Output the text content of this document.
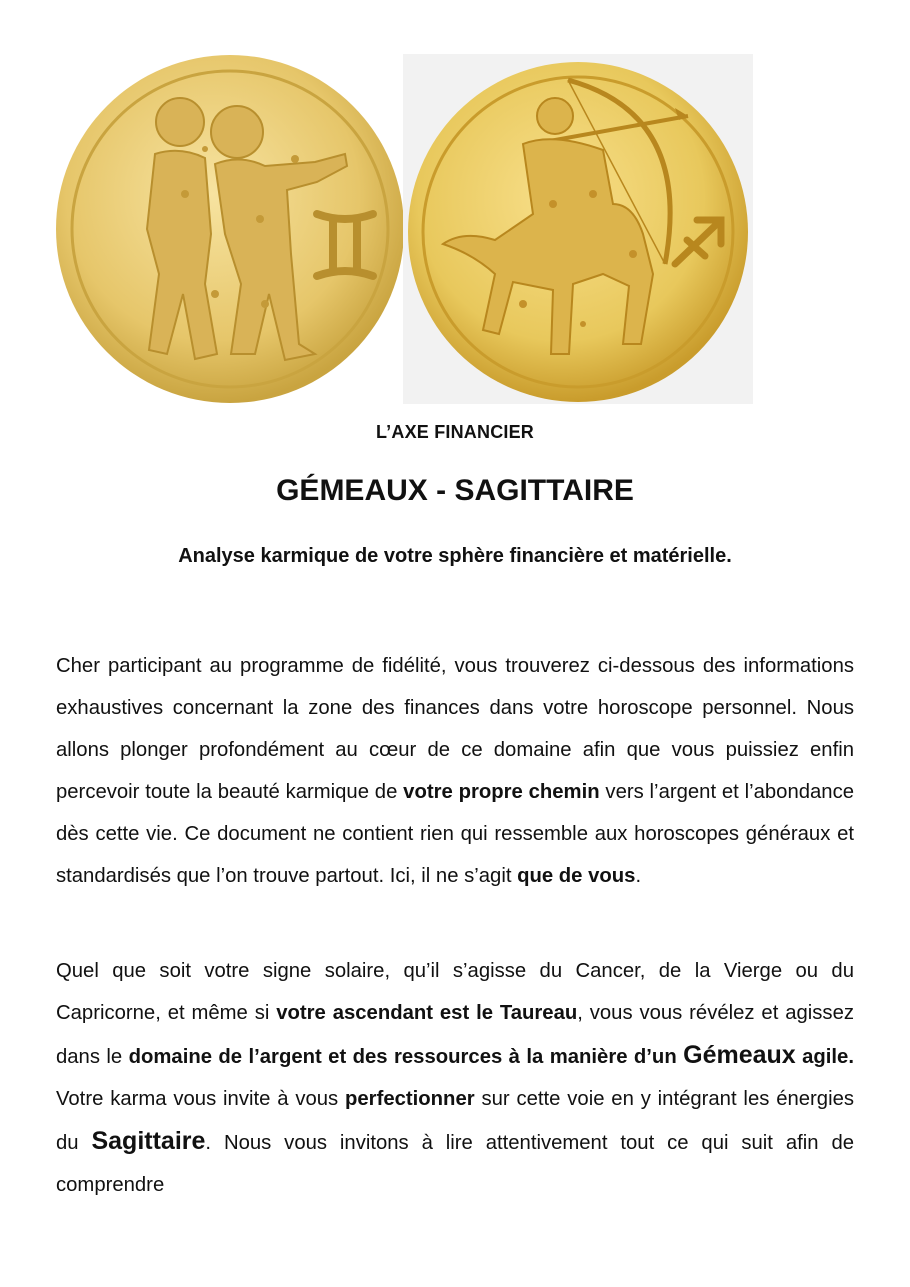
L’AXE FINANCIER
GÉMEAUX - SAGITTAIRE
Analyse karmique de votre sphère financière et matérielle.

Cher participant au programme de fidélité, vous trouverez ci-dessous des informations exhaustives concernant la zone des finances dans votre horoscope personnel. Nous allons plonger profondément au cœur de ce domaine afin que vous puissiez enfin percevoir toute la beauté karmique de votre propre chemin vers l’argent et l’abondance dès cette vie. Ce document ne contient rien qui ressemble aux horoscopes généraux et standardisés que l’on trouve partout. Ici, il ne s’agit que de vous.

Quel que soit votre signe solaire, qu’il s’agisse du Cancer, de la Vierge ou du Capricorne, et même si votre ascendant est le Taureau, vous vous révélez et agissez dans le domaine de l’argent et des ressources à la manière d’un Gémeaux agile. Votre karma vous invite à vous perfectionner sur cette voie en y intégrant les énergies du Sagittaire. Nous vous invitons à lire attentivement tout ce qui suit afin de comprendre
